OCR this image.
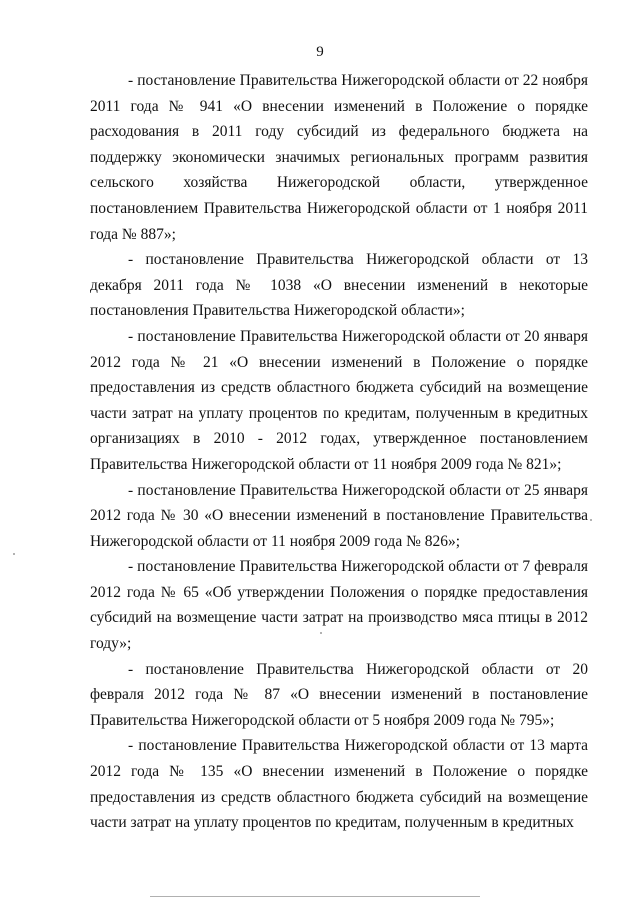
9

- постановление Правительства Нижегородской области от 22 ноября 2011 года № 941 «О внесении изменений в Положение о порядке расходования в 2011 году субсидий из федерального бюджета на поддержку экономически значимых региональных программ развития сельского хозяйства Нижегородской области, утвержденное постановлением Правительства Нижегородской области от 1 ноября 2011 года № 887»;

- постановление Правительства Нижегородской области от 13 декабря 2011 года № 1038 «О внесении изменений в некоторые постановления Правительства Нижегородской области»;

- постановление Правительства Нижегородской области от 20 января 2012 года № 21 «О внесении изменений в Положение о порядке предоставления из средств областного бюджета субсидий на возмещение части затрат на уплату процентов по кредитам, полученным в кредитных организациях в 2010 - 2012 годах, утвержденное постановлением Правительства Нижегородской области от 11 ноября 2009 года № 821»;

- постановление Правительства Нижегородской области от 25 января 2012 года № 30 «О внесении изменений в постановление Правительства Нижегородской области от 11 ноября 2009 года № 826»;

- постановление Правительства Нижегородской области от 7 февраля 2012 года № 65 «Об утверждении Положения о порядке предоставления субсидий на возмещение части затрат на производство мяса птицы в 2012 году»;

- постановление Правительства Нижегородской области от 20 февраля 2012 года № 87 «О внесении изменений в постановление Правительства Нижегородской области от 5 ноября 2009 года № 795»;

- постановление Правительства Нижегородской области от 13 марта 2012 года № 135 «О внесении изменений в Положение о порядке предоставления из средств областного бюджета субсидий на возмещение части затрат на уплату процентов по кредитам, полученным в кредитных
